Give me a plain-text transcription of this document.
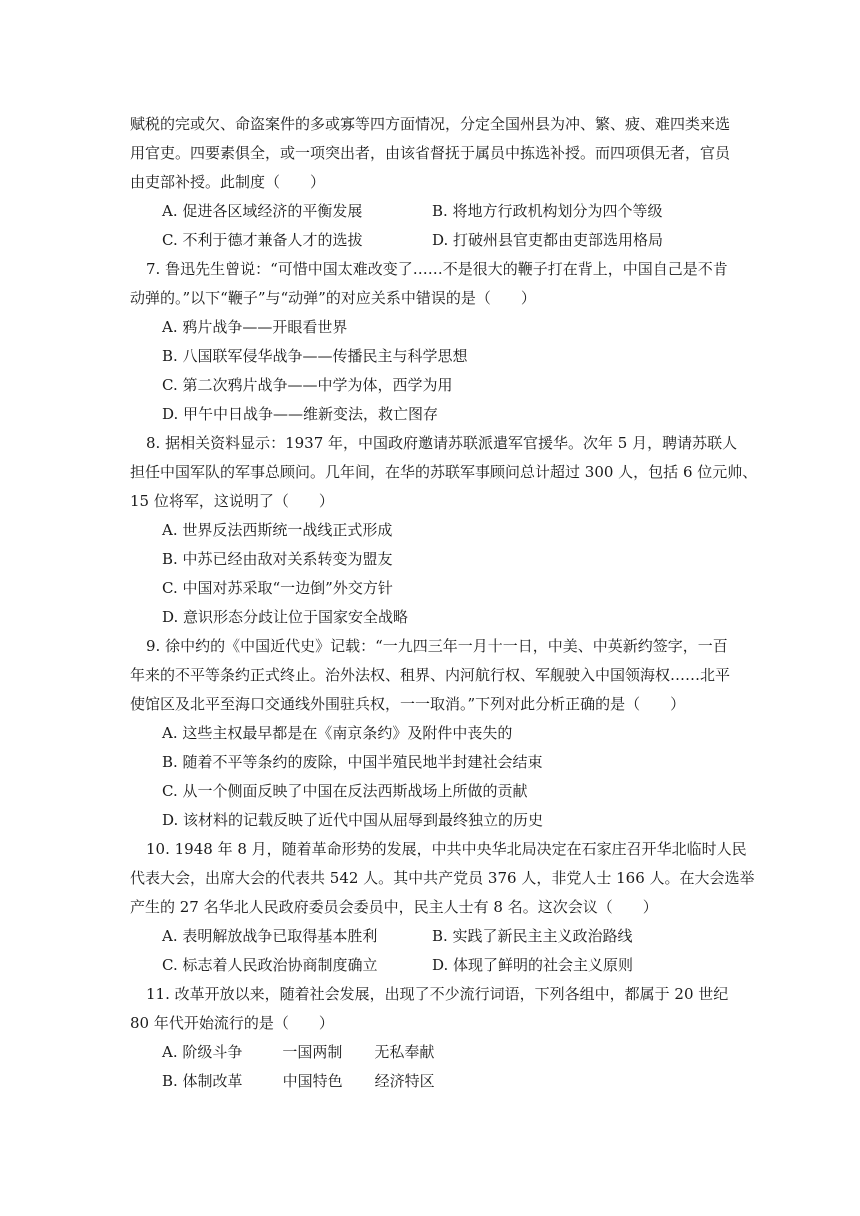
赋税的完或欠、命盗案件的多或寡等四方面情况，分定全国州县为冲、繁、疲、难四类来选
用官吏。四要素俱全，或一项突出者，由该省督抚于属员中拣选补授。而四项俱无者，官员
由吏部补授。此制度（　　）
A. 促进各区域经济的平衡发展	B. 将地方行政机构划分为四个等级
C. 不利于德才兼备人才的选拔	D. 打破州县官吏都由吏部选用格局
7. 鲁迅先生曾说：“可惜中国太难改变了……不是很大的鞭子打在背上，中国自己是不肯
动弹的。”以下“鞭子”与“动弹”的对应关系中错误的是（　　）
A. 鸦片战争——开眼看世界
B. 八国联军侵华战争——传播民主与科学思想
C. 第二次鸦片战争——中学为体，西学为用
D. 甲午中日战争——维新变法，救亡图存
8. 据相关资料显示：1937 年，中国政府邀请苏联派遣军官援华。次年 5 月，聘请苏联人
担任中国军队的军事总顾问。几年间，在华的苏联军事顾问总计超过 300 人，包括 6 位元帅、
15 位将军，这说明了（　　）
A. 世界反法西斯统一战线正式形成
B. 中苏已经由敌对关系转变为盟友
C. 中国对苏采取“一边倒”外交方针
D. 意识形态分歧让位于国家安全战略
9. 徐中约的《中国近代史》记载：“一九四三年一月十一日，中美、中英新约签字，一百
年来的不平等条约正式终止。治外法权、租界、内河航行权、军舰驶入中国领海权……北平
使馆区及北平至海口交通线外围驻兵权，一一取消。”下列对此分析正确的是（　　）
A. 这些主权最早都是在《南京条约》及附件中丧失的
B. 随着不平等条约的废除，中国半殖民地半封建社会结束
C. 从一个侧面反映了中国在反法西斯战场上所做的贡献
D. 该材料的记载反映了近代中国从屈辱到最终独立的历史
10. 1948 年 8 月，随着革命形势的发展，中共中央华北局决定在石家庄召开华北临时人民
代表大会，出席大会的代表共 542 人。其中共产党员 376 人，非党人士 166 人。在大会选举
产生的 27 名华北人民政府委员会委员中，民主人士有 8 名。这次会议（　　）
A. 表明解放战争已取得基本胜利	B. 实践了新民主主义政治路线
C. 标志着人民政治协商制度确立	D. 体现了鲜明的社会主义原则
11. 改革开放以来，随着社会发展，出现了不少流行词语，下列各组中，都属于 20 世纪
80 年代开始流行的是（　　）
A. 阶级斗争	一国两制 无私奉献
B. 体制改革	中国特色 经济特区
